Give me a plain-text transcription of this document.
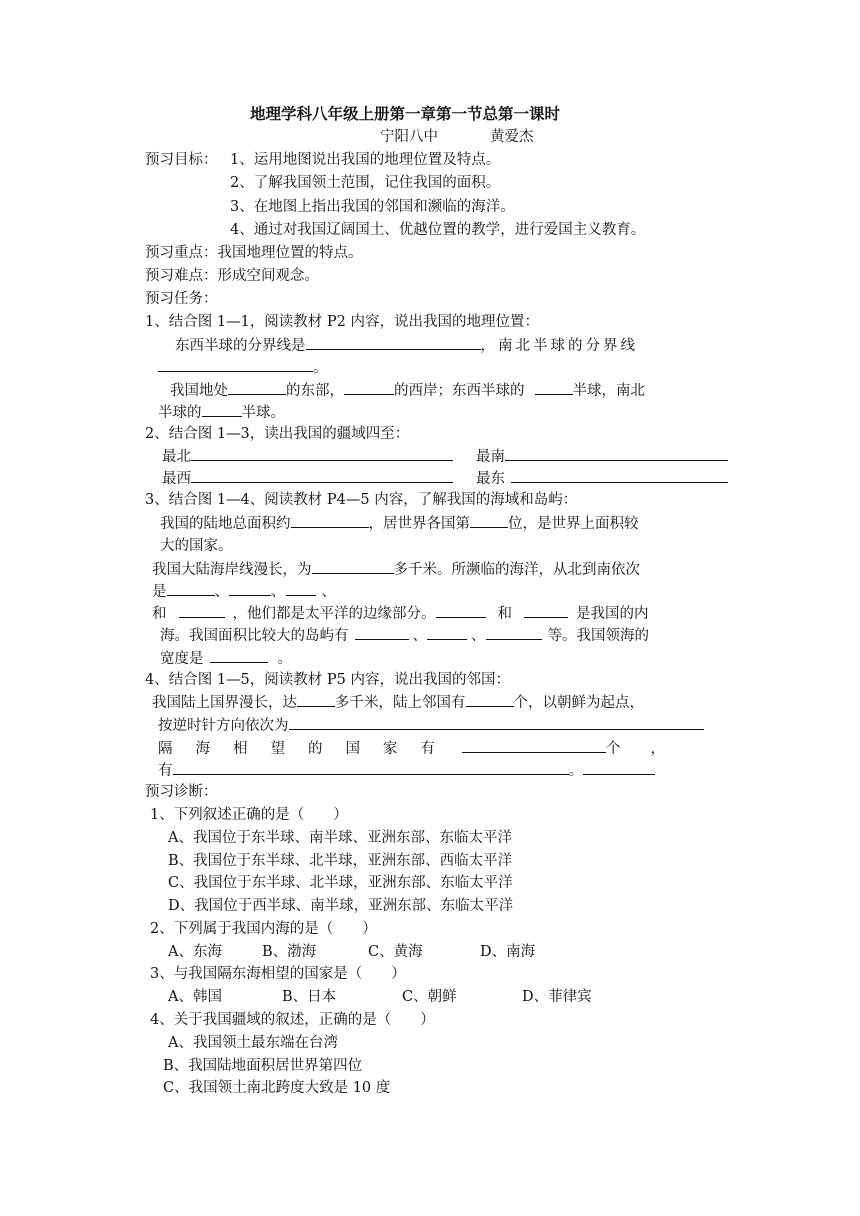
地理学科八年级上册第一章第一节总第一课时
宁阳八中	黄爱杰
预习目标： 1、运用地图说出我国的地理位置及特点。
2、了解我国领土范围，记住我国的面积。
3、在地图上指出我国的邻国和濒临的海洋。
4、通过对我国辽阔国土、优越位置的教学，进行爱国主义教育。
预习重点：我国地理位置的特点。
预习难点：形成空间观念。
预习任务：
1、结合图 1—1，阅读教材 P2 内容，说出我国的地理位置：
东西半球的分界线是	，南北半球的分界线
。
我国地处	的东部，	的西岸；东西半球的	半球，南北
半球的	半球。
2、结合图 1—3，读出我国的疆域四至：
最北	最南
最西	最东
3、结合图 1—4、阅读教材 P4—5 内容，了解我国的海域和岛屿：
我国的陆地总面积约	，居世界各国第	位，是世界上面积较
大的国家。
我国大陆海岸线漫长，为	多千米。所濒临的海洋，从北到南依次
是	、	、 、
和	，他们都是太平洋的边缘部分。	和	是我国的内
海。我国面积比较大的岛屿有	、	、	等。我国领海的
宽度是	。
4、结合图 1—5，阅读教材 P5 内容，说出我国的邻国：
我国陆上国界漫长，达	多千米，陆上邻国有	个，以朝鲜为起点，
按逆时针方向依次为
隔 海 相 望 的 国 家 有	个 ，
有	。
预习诊断：
1、下列叙述正确的是（　　）
A、我国位于东半球、南半球、亚洲东部、东临太平洋
B、我国位于东半球、北半球，亚洲东部、西临太平洋
C、我国位于东半球、北半球，亚洲东部、东临太平洋
D、我国位于西半球、南半球，亚洲东部、东临太平洋
2、下列属于我国内海的是（　　）
A、东海	B、渤海	C、黄海	D、南海
3、与我国隔东海相望的国家是（　　）
A、韩国	B、日本	C、朝鲜	D、菲律宾
4、关于我国疆域的叙述，正确的是（　　）
A、我国领土最东端在台湾
B、我国陆地面积居世界第四位
C、我国领土南北跨度大致是 10 度
